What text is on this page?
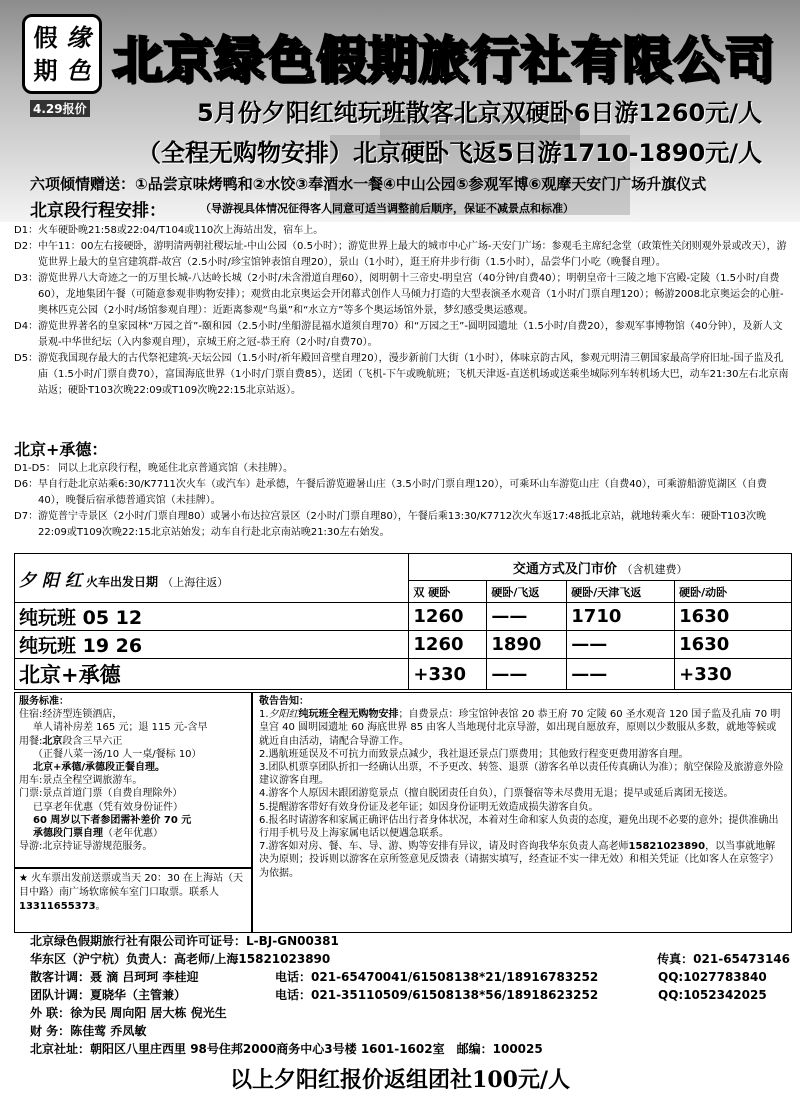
假 缘
期 色
4.29报价
北京绿色假期旅行社有限公司
5月份夕阳红纯玩班散客北京双硬卧6日游1260元/人
（全程无购物安排）北京硬卧飞返5日游1710-1890元/人
六项倾情赠送：①品尝京味烤鸭和②水饺③奉酒水一餐④中山公园⑤参观军博⑥观摩天安门广场升旗仪式
北京段行程安排：	（导游视具体情况征得客人同意可适当调整前后顺序，保证不减景点和标准）
D1： 火车硬卧晚21:58或22:04/T104或110次上海站出发，宿车上。
D2： 中午11：00左右接硬卧，游明清两朝社稷坛址-中山公园（0.5小时）；游览世界上最大的城市中心广场-天安门广场：参观毛主席纪念堂（政策性关闭则观外景或改天），游览世界上最大的皇宫建筑群-故宫（2.5小时/珍宝馆钟表馆自理20），景山（1小时），逛王府井步行街（1.5小时），品尝华门小吃（晚餐自理）。
D3： 游览世界八大奇迹之一的万里长城-八达岭长城（2小时/未含滑道自理60），阅明朝十三帝史-明皇宫（40分钟/自费40）；明朝皇帝十三陵之地下宫殿-定陵（1.5小时/自费60），龙地集团午餐（可随意参观非购物安排）；观赏由北京奥运会开闭幕式创作人马倾力打造的大型表演圣水观音（1小时/门票自理120）；畅游2008北京奥运会的心脏-奥林匹克公园（2小时/场馆参观自理）：近距离参观“鸟巢”和“水立方”等多个奥运场馆外景，梦幻感受奥运感观。
D4： 游览世界著名的皇家园林“万园之首”-颐和园（2.5小时/坐船游昆福水道须自理70）和“万园之王”-圆明园遗址（1.5小时/自费20），参观军事博物馆（40分钟），及新人文景观-中华世纪坛（入内参观自理），京城王府之冠-恭王府（2小时/自费70）。
D5： 游览我国现存最大的古代祭祀建筑-天坛公园（1.5小时/祈年殿回音壁自理20），漫步新前门大街（1小时），体味京韵古风，参观元明清三朝国家最高学府旧址-国子监及孔庙（1.5小时/门票自费70），富国海底世界（1小时/门票自费85），送团（飞机-下午或晚航班；飞机天津返-直送机场或送乘坐城际列车转机场大巴，动车21:30左右北京南站返；硬卧T103次晚22:09或T109次晚22:15北京站返）。
北京+承德：
D1-D5： 同以上北京段行程，晚延住北京普通宾馆（未挂牌）。
D6： 早自行赴北京站乘6:30/K7711次火车（或汽车）赴承德，午餐后游览避暑山庄（3.5小时/门票自理120），可乘环山车游览山庄（自费40），可乘游船游览湖区（自费40），晚餐后宿承德普通宾馆（未挂牌）。
D7： 游览普宁寺景区（2小时/门票自理80）或暑小布达拉宫景区（2小时/门票自理80），午餐后乘13:30/K7712次火车返17:48抵北京站，就地转乘火车：硬卧T103次晚22:09或T109次晚22:15北京站始发；动车自行赴北京南站晚21:30左右始发。
夕 阳 红 火车出发日期 （上海往返）	交通方式及门市价 （含机建费）			
	双 硬卧	硬卧/飞返	硬卧/天津飞返	硬卧/动卧
纯玩班 05 12	1260	——	1710	1630
纯玩班 19 26	1260	1890	——	1630
北京+承德	+330	——	——	+330
服务标准：
住宿:经济型连锁酒店，
单人请补房差 165 元；退 115 元-含早
用餐:北京段含三早六正
（正餐八菜一汤/10 人一桌/餐标 10）
北京+承德/承德段正餐自理。
用车:景点全程空调旅游车。
门票:景点首道门票（自费自理除外）
已享老年优惠（凭有效身份证件）
60 周岁以下者参团需补差价 70 元
承德段门票自理（老年优惠）
导游:北京持证导游规范服务。
★ 火车票出发前送票或当天 20：30 在上海站（天目中路）南广场软席候车室门口取票。联系人13311655373。
敬告告知：
1.夕阳红纯玩班全程无购物安排；自费景点：珍宝馆钟表馆 20 恭王府 70 定陵 60 圣水观音 120 国子监及孔庙 70 明皇宫 40 圆明园遗址 60 海底世界 85 由客人当地现付北京导游，如出现自愿放弃，原则以少数服从多数，就地等候或就近自由活动，请配合导游工作。
2.遇航班延误及不可抗力而致景点减少，我社退还景点门票费用；其他致行程变更费用游客自理。
3.团队机票享团队折扣一经确认出票，不予更改、转签、退票（游客名单以责任传真确认为准）；航空保险及旅游意外险建议游客自理。
4.游客个人原因未跟团游览景点（擅自脱团责任自负），门票餐宿等未尽费用无退；提早或延后离团无接送。
5.提醒游客带好有效身份证及老年证；如因身份证明无效造成损失游客自负。
6.报名时请游客和家属正确评估出行者身体状况，本着对生命和家人负责的态度，避免出现不必要的意外；提供准确出行用手机号及上海家属电话以便遇急联系。
7.游客如对房、餐、车、导、游、购等安排有异议，请及时咨询我华东负责人高老师15821023890，以当事就地解决为原则；投诉则以游客在京所签意见反馈表（请据实填写，经查证不实一律无效）和相关凭证（比如客人在京签字）为依据。
北京绿色假期旅行社有限公司许可证号： L-BJ-GN00381
华东区（沪宁杭）负责人：高老师/上海15821023890	传真：021-65473146
散客计调：聂 滴 吕珂珂 李桂迎	电话：021-65470041/61508138*21/18916783252	QQ:1027783840
团队计调：夏晓华（主管兼）	电话：021-35110509/61508138*56/18918623252	QQ:1052342025
外 联： 徐为民 周向阳 居大栋 倪光生
财 务： 陈佳莺 乔凤敏
北京社址： 朝阳区八里庄西里 98号住邦2000商务中心3号楼 1601-1602室 邮编： 100025
以上夕阳红报价返组团社100元/人
